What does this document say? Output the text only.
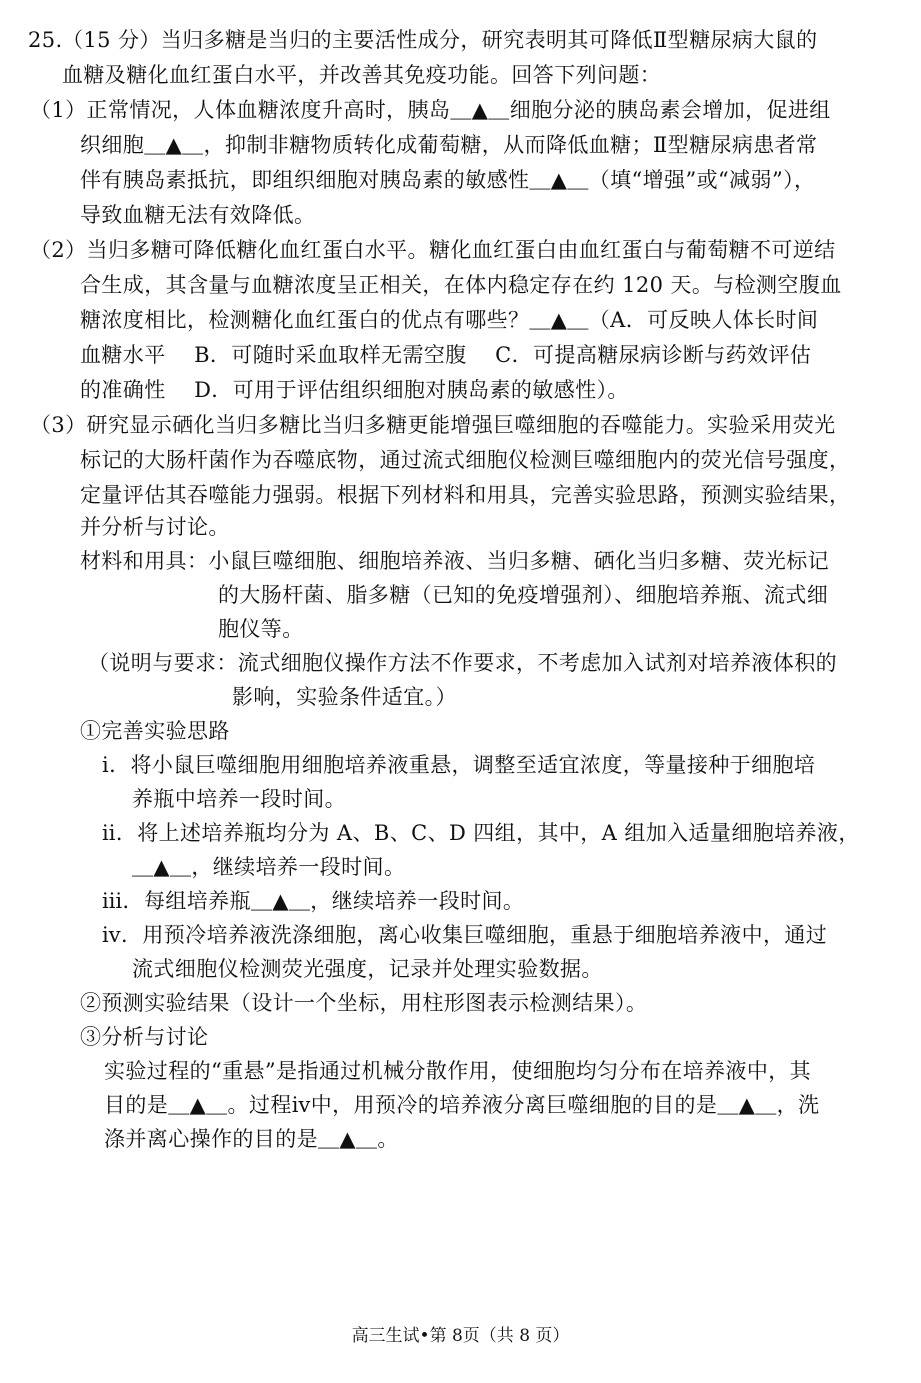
25. （15 分）当归多糖是当归的主要活性成分，研究表明其可降低Ⅱ型糖尿病大鼠的
血糖及糖化血红蛋白水平，并改善其免疫功能。回答下列问题：
（1）正常情况，人体血糖浓度升高时，胰岛＿▲＿细胞分泌的胰岛素会增加，促进组
织细胞＿▲＿，抑制非糖物质转化成葡萄糖，从而降低血糖；Ⅱ型糖尿病患者常
伴有胰岛素抵抗，即组织细胞对胰岛素的敏感性＿▲＿（填“增强”或“减弱”），
导致血糖无法有效降低。
（2）当归多糖可降低糖化血红蛋白水平。糖化血红蛋白由血红蛋白与葡萄糖不可逆结
合生成，其含量与血糖浓度呈正相关，在体内稳定存在约 120 天。与检测空腹血
糖浓度相比，检测糖化血红蛋白的优点有哪些？＿▲＿（A．可反映人体长时间
血糖水平　 B．可随时采血取样无需空腹　 C．可提高糖尿病诊断与药效评估
的准确性　 D．可用于评估组织细胞对胰岛素的敏感性）。
（3）研究显示硒化当归多糖比当归多糖更能增强巨噬细胞的吞噬能力。实验采用荧光
标记的大肠杆菌作为吞噬底物，通过流式细胞仪检测巨噬细胞内的荧光信号强度，
定量评估其吞噬能力强弱。根据下列材料和用具，完善实验思路，预测实验结果，
并分析与讨论。
材料和用具：小鼠巨噬细胞、细胞培养液、当归多糖、硒化当归多糖、荧光标记
的大肠杆菌、脂多糖（已知的免疫增强剂）、细胞培养瓶、流式细
胞仪等。
（说明与要求：流式细胞仪操作方法不作要求，不考虑加入试剂对培养液体积的
影响，实验条件适宜。）
①完善实验思路
ⅰ．将小鼠巨噬细胞用细胞培养液重悬，调整至适宜浓度，等量接种于细胞培
养瓶中培养一段时间。
ⅱ．将上述培养瓶均分为 A、B、C、D 四组，其中，A 组加入适量细胞培养液，
＿▲＿，继续培养一段时间。
ⅲ．每组培养瓶＿▲＿，继续培养一段时间。
ⅳ．用预冷培养液洗涤细胞，离心收集巨噬细胞，重悬于细胞培养液中，通过
流式细胞仪检测荧光强度，记录并处理实验数据。
②预测实验结果（设计一个坐标，用柱形图表示检测结果）。
③分析与讨论
实验过程的“重悬”是指通过机械分散作用，使细胞均匀分布在培养液中，其
目的是＿▲＿。过程ⅳ中，用预冷的培养液分离巨噬细胞的目的是＿▲＿，洗
涤并离心操作的目的是＿▲＿。
高三生试•第 8页（共 8 页）
